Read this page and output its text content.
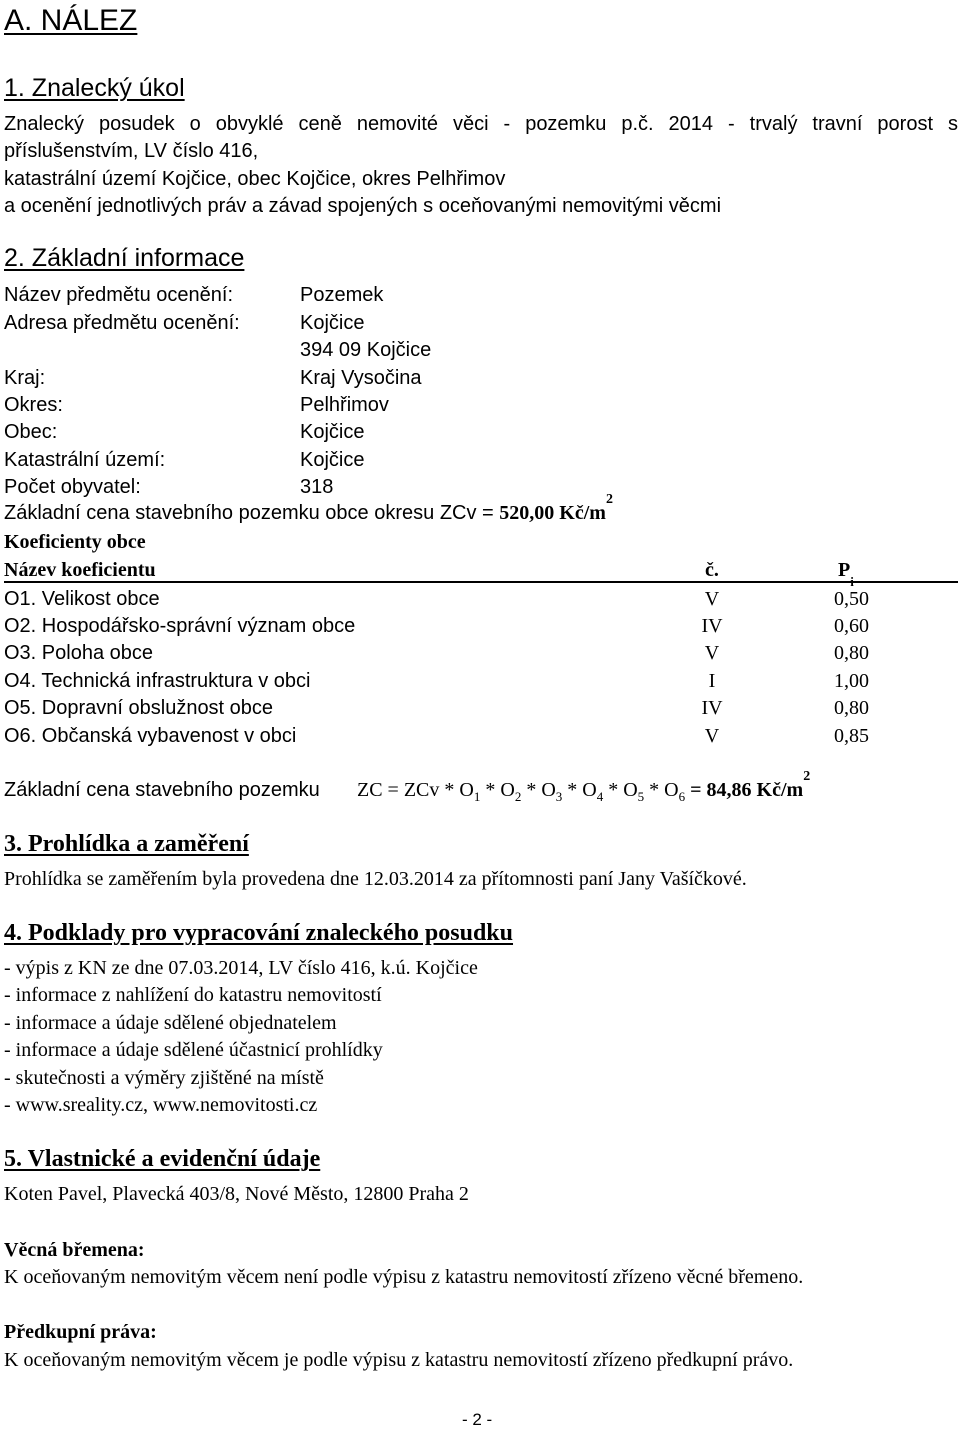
A. NÁLEZ
1. Znalecký úkol
Znalecký posudek o obvyklé ceně nemovité věci - pozemku p.č. 2014 - trvalý travní porost s
příslušenstvím, LV číslo 416,
katastrální území Kojčice, obec Kojčice, okres Pelhřimov
a ocenění jednotlivých práv a závad spojených s oceňovanými nemovitými věcmi
2. Základní informace
Název předmětu ocenění:	Pozemek
Adresa předmětu ocenění:	Kojčice
394 09 Kojčice
Kraj:	Kraj Vysočina
Okres:	Pelhřimov
Obec:	Kojčice
Katastrální území:	Kojčice
Počet obyvatel:	318
Základní cena stavebního pozemku obce okresu ZCv = 520,00 $Kč/m^2$
Koeficienty obce
Název koeficientu	č.	P
O1. Velikost obce	V	0,50
O2. Hospodářsko-správní význam obce	IV	0,60
O3. Poloha obce	V	0,80
O4. Technická infrastruktura v obci	I	1,00
O5. Dopravní obslužnost obce	IV	0,80
O6. Občanská vybavenost v obci	V	0,85
Základní cena stavebního pozemku ZC = ZCv * $O_1 * O_2 * O_3 * O_4 * O_5 * O_6 = 84,86$ $Kč/m^2$
3. Prohlídka a zaměření
Prohlídka se zaměřením byla provedena dne 12.03.2014 za přítomnosti paní Jany Vašíčkové.
4. Podklady pro vypracování znaleckého posudku
- výpis z KN ze dne 07.03.2014, LV číslo 416, k.ú. Kojčice
- informace z nahlížení do katastru nemovitostí
- informace a údaje sdělené objednatelem
- informace a údaje sdělené účastnicí prohlídky
- skutečnosti a výměry zjištěné na místě
- www.sreality.cz, www.nemovitosti.cz
5. Vlastnické a evidenční údaje
Koten Pavel, Plavecká 403/8, Nové Město, 12800 Praha 2
Věcná břemena:
K oceňovaným nemovitým věcem není podle výpisu z katastru nemovitostí zřízeno věcné břemeno.
Předkupní práva:
K oceňovaným nemovitým věcem je podle výpisu z katastru nemovitostí zřízeno předkupní právo.
- 2 -
